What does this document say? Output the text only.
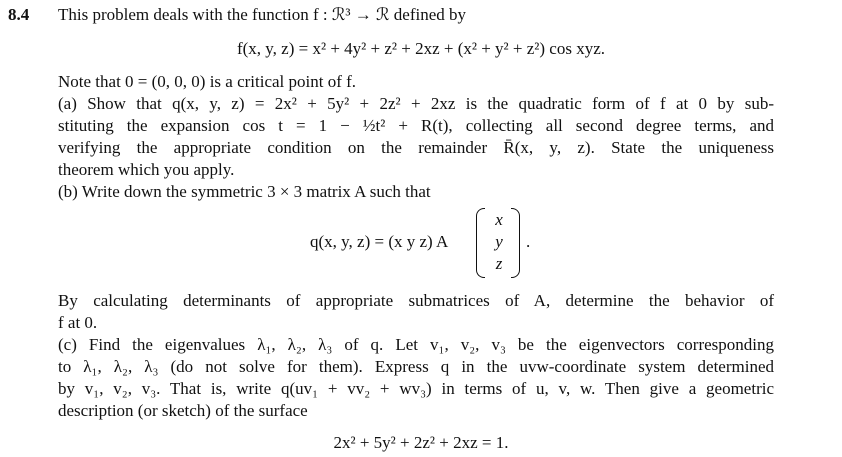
8.4 This problem deals with the function f : ℛ³ → ℛ defined by
f(x, y, z) = x² + 4y² + z² + 2xz + (x² + y² + z²) cos xyz.
Note that 0 = (0, 0, 0) is a critical point of f.
(a) Show that q(x, y, z) = 2x² + 5y² + 2z² + 2xz is the quadratic form of f at 0 by sub-
stituting the expansion cos t = 1 − ½t² + R(t), collecting all second degree terms, and
verifying the appropriate condition on the remainder R̄(x, y, z). State the uniqueness
theorem which you apply.
(b) Write down the symmetric 3 × 3 matrix A such that
q(x, y, z) = (x y z) A
x
y
z
.
By calculating determinants of appropriate submatrices of A, determine the behavior of
f at 0.
(c) Find the eigenvalues λ₁, λ₂, λ₃ of q. Let v₁, v₂, v₃ be the eigenvectors corresponding
to λ₁, λ₂, λ₃ (do not solve for them). Express q in the uvw-coordinate system determined
by v₁, v₂, v₃. That is, write q(uv₁ + vv₂ + wv₃) in terms of u, v, w. Then give a geometric
description (or sketch) of the surface
2x² + 5y² + 2z² + 2xz = 1.
